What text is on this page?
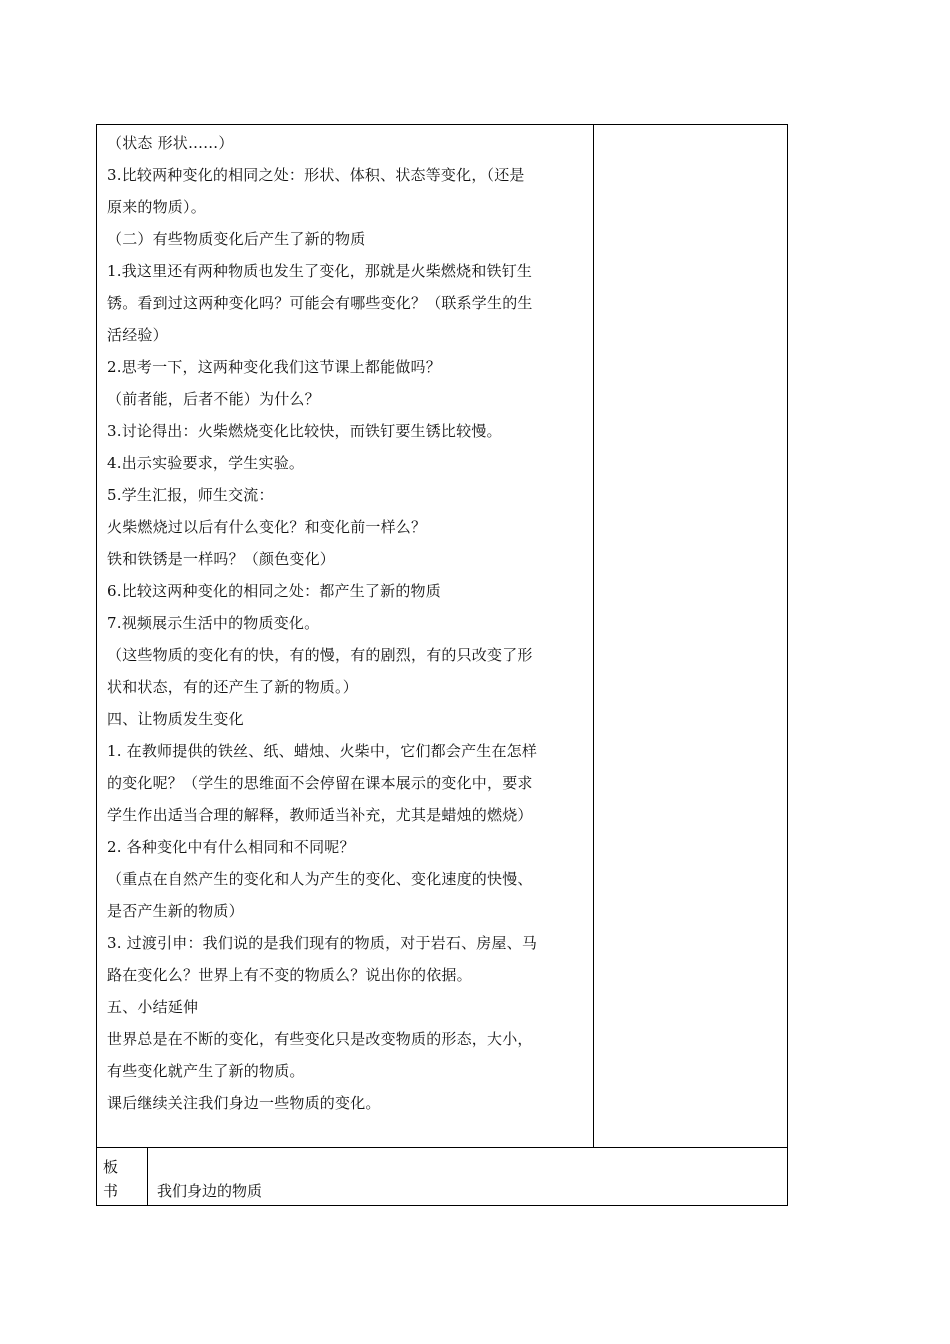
（状态 形状……）
3.比较两种变化的相同之处：形状、体积、状态等变化，（还是
原来的物质）。
（二）有些物质变化后产生了新的物质
1.我这里还有两种物质也发生了变化，那就是火柴燃烧和铁钉生
锈。看到过这两种变化吗？可能会有哪些变化？（联系学生的生
活经验）
2.思考一下，这两种变化我们这节课上都能做吗？
（前者能，后者不能）为什么？
3.讨论得出：火柴燃烧变化比较快，而铁钉要生锈比较慢。
4.出示实验要求，学生实验。
5.学生汇报，师生交流：
火柴燃烧过以后有什么变化？和变化前一样么？
铁和铁锈是一样吗？（颜色变化）
6.比较这两种变化的相同之处：都产生了新的物质
7.视频展示生活中的物质变化。
（这些物质的变化有的快，有的慢，有的剧烈，有的只改变了形
状和状态，有的还产生了新的物质。）
四、让物质发生变化
1. 在教师提供的铁丝、纸、蜡烛、火柴中，它们都会产生在怎样
的变化呢？（学生的思维面不会停留在课本展示的变化中，要求
学生作出适当合理的解释，教师适当补充，尤其是蜡烛的燃烧）
2. 各种变化中有什么相同和不同呢？
（重点在自然产生的变化和人为产生的变化、变化速度的快慢、
是否产生新的物质）
3. 过渡引申：我们说的是我们现有的物质，对于岩石、房屋、马
路在变化么？世界上有不变的物质么？说出你的依据。
五、小结延伸
世界总是在不断的变化，有些变化只是改变物质的形态，大小，
有些变化就产生了新的物质。
课后继续关注我们身边一些物质的变化。
板
书	我们身边的物质
